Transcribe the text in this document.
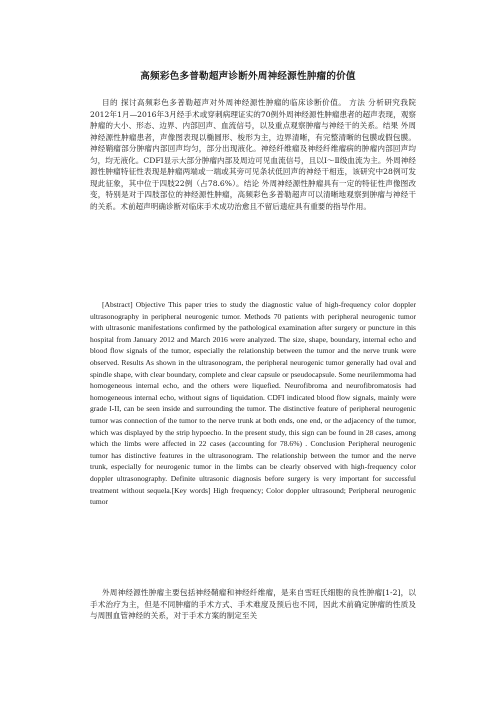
高频彩色多普勒超声诊断外周神经源性肿瘤的价值

目的 探讨高频彩色多普勒超声对外周神经源性肿瘤的临床诊断价值。 方法 分析研究我院2012年1月—2016年3月经手术或穿刺病理证实的70例外周神经源性肿瘤患者的超声表现，观察肿瘤的大小、形态、边界、内部回声、血流信号，以及重点观察肿瘤与神经干的关系。结果 外周神经源性肿瘤患者，声像图表现以椭圆形、梭形为主，边界清晰，有完整清晰的包膜或假包膜。神经鞘瘤部分肿瘤内部回声均匀，部分出现液化。神经纤维瘤及神经纤维瘤病的肿瘤内部回声均匀，均无液化。CDFI显示大部分肿瘤内部及周边可见血流信号，且以Ⅰ～Ⅱ级血流为主。外周神经源性肿瘤特征性表现是肿瘤两端或一端或其旁可见条状低回声的神经干相连，该研究中28例可发现此征象，其中位于四肢22例（占78.6%）。结论 外周神经源性肿瘤具有一定的特征性声像图改变，特别是对于四肢部位的神经源性肿瘤，高频彩色多普勒超声可以清晰地观察到肿瘤与神经干的关系。术前超声明确诊断对临床手术成功治愈且不留后遗症具有重要的指导作用。

[Abstract] Objective This paper tries to study the diagnostic value of high-frequency color doppler ultrasonography in peripheral neurogenic tumor. Methods 70 patients with peripheral neurogenic tumor with ultrasonic manifestations confirmed by the pathological examination after surgery or puncture in this hospital from January 2012 and March 2016 were analyzed. The size, shape, boundary, internal echo and blood flow signals of the tumor, especially the relationship between the tumor and the nerve trunk were observed. Results As shown in the ultrasonogram, the peripheral neurogenic tumor generally had oval and spindle shape, with clear boundary, complete and clear capsule or pseudocapsule. Some neurilemmoma had homogeneous internal echo, and the others were liquefied. Neurofibroma and neurofibromatosis had homogeneous internal echo, without signs of liquidation. CDFI indicated blood flow signals, mainly were grade I-II, can be seen inside and surrounding the tumor. The distinctive feature of peripheral neurogenic tumor was connection of the tumor to the nerve trunk at both ends, one end, or the adjacency of the tumor, which was displayed by the strip hypoecho. In the present study, this sign can be found in 28 cases, among which the limbs were affected in 22 cases (accounting for 78.6%) . Conclusion Peripheral neurogenic tumor has distinctive features in the ultrasonogram. The relationship between the tumor and the nerve trunk, especially for neurogenic tumor in the limbs can be clearly observed with high-frequency color doppler ultrasonography. Definite ultrasonic diagnosis before surgery is very important for successful treatment without sequela.[Key words] High frequency; Color doppler ultrasound; Peripheral neurogenic tumor

外周神经源性肿瘤主要包括神经鞘瘤和神经纤维瘤，是来自雪旺氏细胞的良性肿瘤[1-2]，以手术治疗为主，但是不同肿瘤的手术方式、手术难度及预后也不同，因此术前确定肿瘤的性质及与周围血管神经的关系，对于手术方案的制定至关
